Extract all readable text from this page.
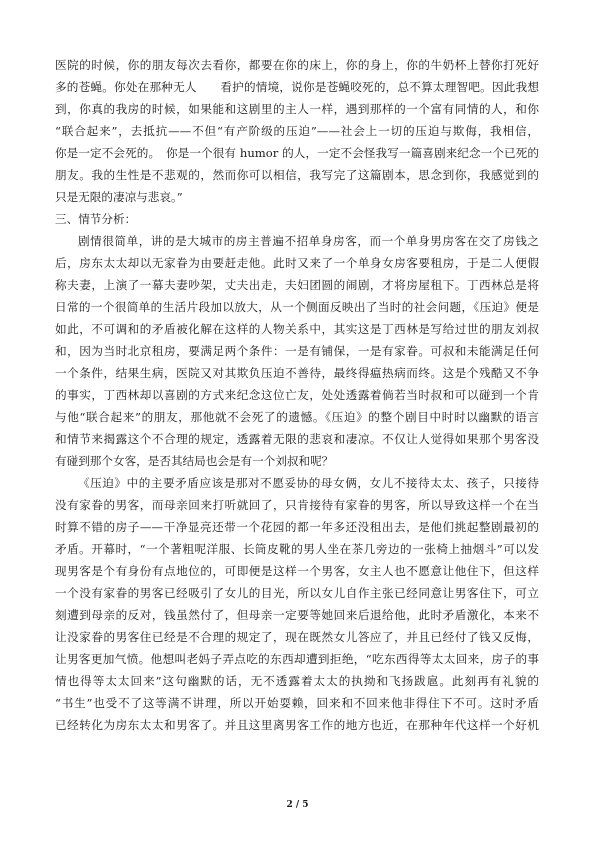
医院的时候，你的朋友每次去看你，都要在你的床上，你的身上，你的牛奶杯上替你打死好
多的苍蝇。你处在那种无人　　看护的情境，说你是苍蝇咬死的，总不算太理智吧。因此我想
到，你真的我房的时候，如果能和这剧里的主人一样，遇到那样的一个富有同情的人，和你
“联合起来”，去抵抗——不但“有产阶级的压迫”——社会上一切的压迫与欺侮，我相信，
你是一定不会死的。　你是一个很有 humor 的人，一定不会怪我写一篇喜剧来纪念一个已死的
朋友。我的生性是不悲观的，然而你可以相信，我写完了这篇剧本，思念到你，我感觉到的
只是无限的凄凉与悲哀。”
三、情节分析：
剧情很简单，讲的是大城市的房主普遍不招单身房客，而一个单身男房客在交了房钱之
后，房东太太却以无家眷为由要赶走他。此时又来了一个单身女房客要租房，于是二人便假
称夫妻，上演了一幕夫妻吵架，丈夫出走，夫妇团圆的闹剧，才将房屋租下。丁西林总是将
日常的一个很简单的生活片段加以放大，从一个侧面反映出了当时的社会问题，《压迫》便是
如此，不可调和的矛盾被化解在这样的人物关系中，其实这是丁西林是写给过世的朋友刘叔
和，因为当时北京租房，要满足两个条件：一是有铺保，一是有家眷。可叔和未能满足任何
一个条件，结果生病，医院又对其欺负压迫不善待，最终得瘟热病而终。这是个残酷又不争
的事实，丁西林却以喜剧的方式来纪念这位亡友，处处透露着倘若当时叔和可以碰到一个肯
与他“联合起来”的朋友，那他就不会死了的遗憾。《压迫》的整个剧目中时时以幽默的语言
和情节来揭露这个不合理的规定，透露着无限的悲哀和凄凉。不仅让人觉得如果那个男客没
有碰到那个女客，是否其结局也会是有一个刘叔和呢？
《压迫》中的主要矛盾应该是那对不愿妥协的母女俩，女儿不接待太太、孩子，只接待
没有家眷的男客，而母亲回来打听就回了，只肯接待有家眷的男客，所以导致这样一个在当
时算不错的房子——干净显亮还带一个花园的都一年多还没租出去，是他们挑起整剧最初的
矛盾。开幕时，“一个著粗呢洋服、长筒皮靴的男人坐在茶几旁边的一张椅上抽烟斗”可以发
现男客是个有身份有点地位的，可即便是这样一个男客，女主人也不愿意让他住下，但这样
一个没有家眷的男客已经吸引了女儿的目光，所以女儿自作主张已经同意让男客住下，可立
刻遭到母亲的反对，钱虽然付了，但母亲一定要等她回来后退给他，此时矛盾激化，本来不
让没家眷的男客住已经是不合理的规定了，现在既然女儿答应了，并且已经付了钱又反悔，
让男客更加气愤。他想叫老妈子弄点吃的东西却遭到拒绝，“吃东西得等太太回来，房子的事
情也得等太太回来”这句幽默的话，无不透露着太太的执拗和飞扬跋扈。此刻再有礼貌的
“书生”也受不了这等满不讲理，所以开始耍赖，回来和不回来他非得住下不可。这时矛盾
已经转化为房东太太和男客了。并且这里离男客工作的地方也近，在那种年代这样一个好机
2 / 5
